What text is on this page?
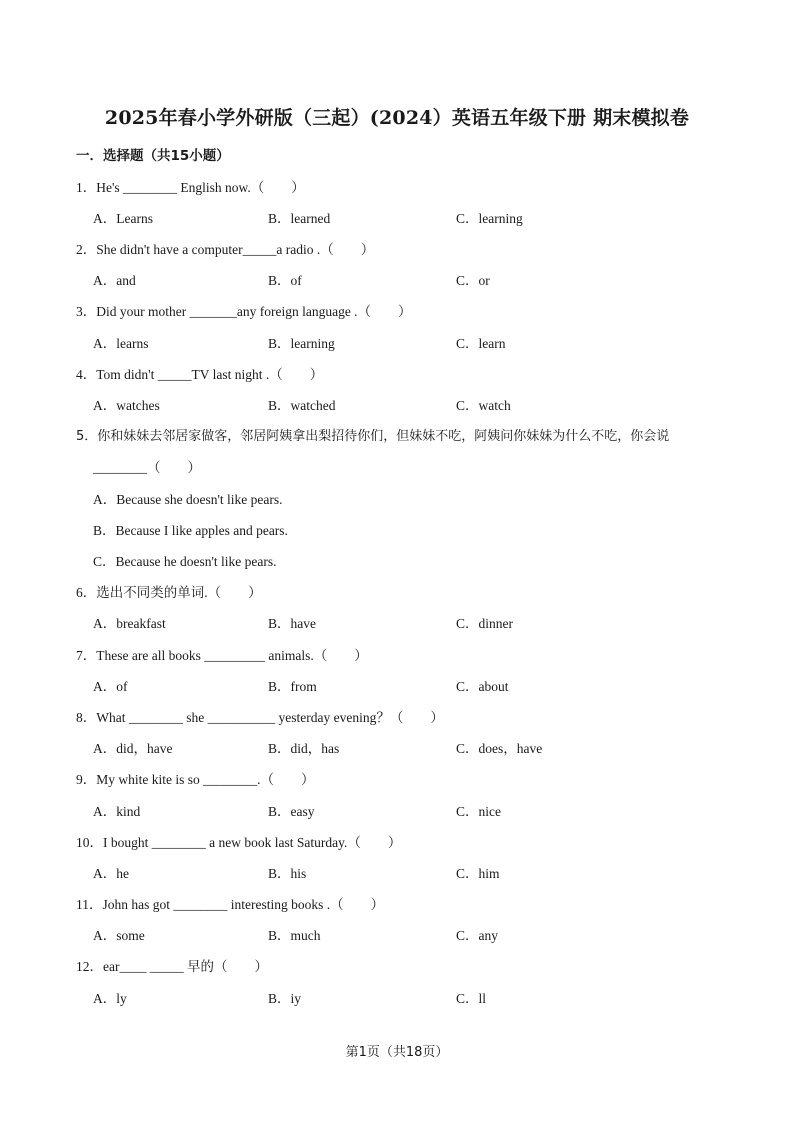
2025年春小学外研版（三起）(2024）英语五年级下册 期末模拟卷
一．选择题（共15小题）
1．He's ________ English now.（　　）
A．Learns	B．learned	C．learning
2．She didn't have a computer_____a radio .（　　）
A．and	B．of	C．or
3．Did your mother _______any foreign language .（　　）
A．learns	B．learning	C．learn
4．Tom didn't _____TV last night .（　　）
A．watches	B．watched	C．watch
5．你和妹妹去邻居家做客，邻居阿姨拿出梨招待你们，但妹妹不吃，阿姨问你妹妹为什么不吃，你会说
________（　　）
A．Because she doesn't like pears.
B．Because I like apples and pears.
C．Because he doesn't like pears.
6．选出不同类的单词.（　　）
A．breakfast	B．have	C．dinner
7．These are all books _________ animals.（　　）
A．of	B．from	C．about
8．What ________ she __________ yesterday evening？（　　）
A．did，have	B．did，has	C．does，have
9．My white kite is so ________.（　　）
A．kind	B．easy	C．nice
10．I bought ________ a new book last Saturday.（　　）
A．he	B．his	C．him
11．John has got ________ interesting books .（　　）
A．some	B．much	C．any
12．ear____ _____ 早的（　　）
A．ly	B．iy	C．ll
第1页（共18页）
